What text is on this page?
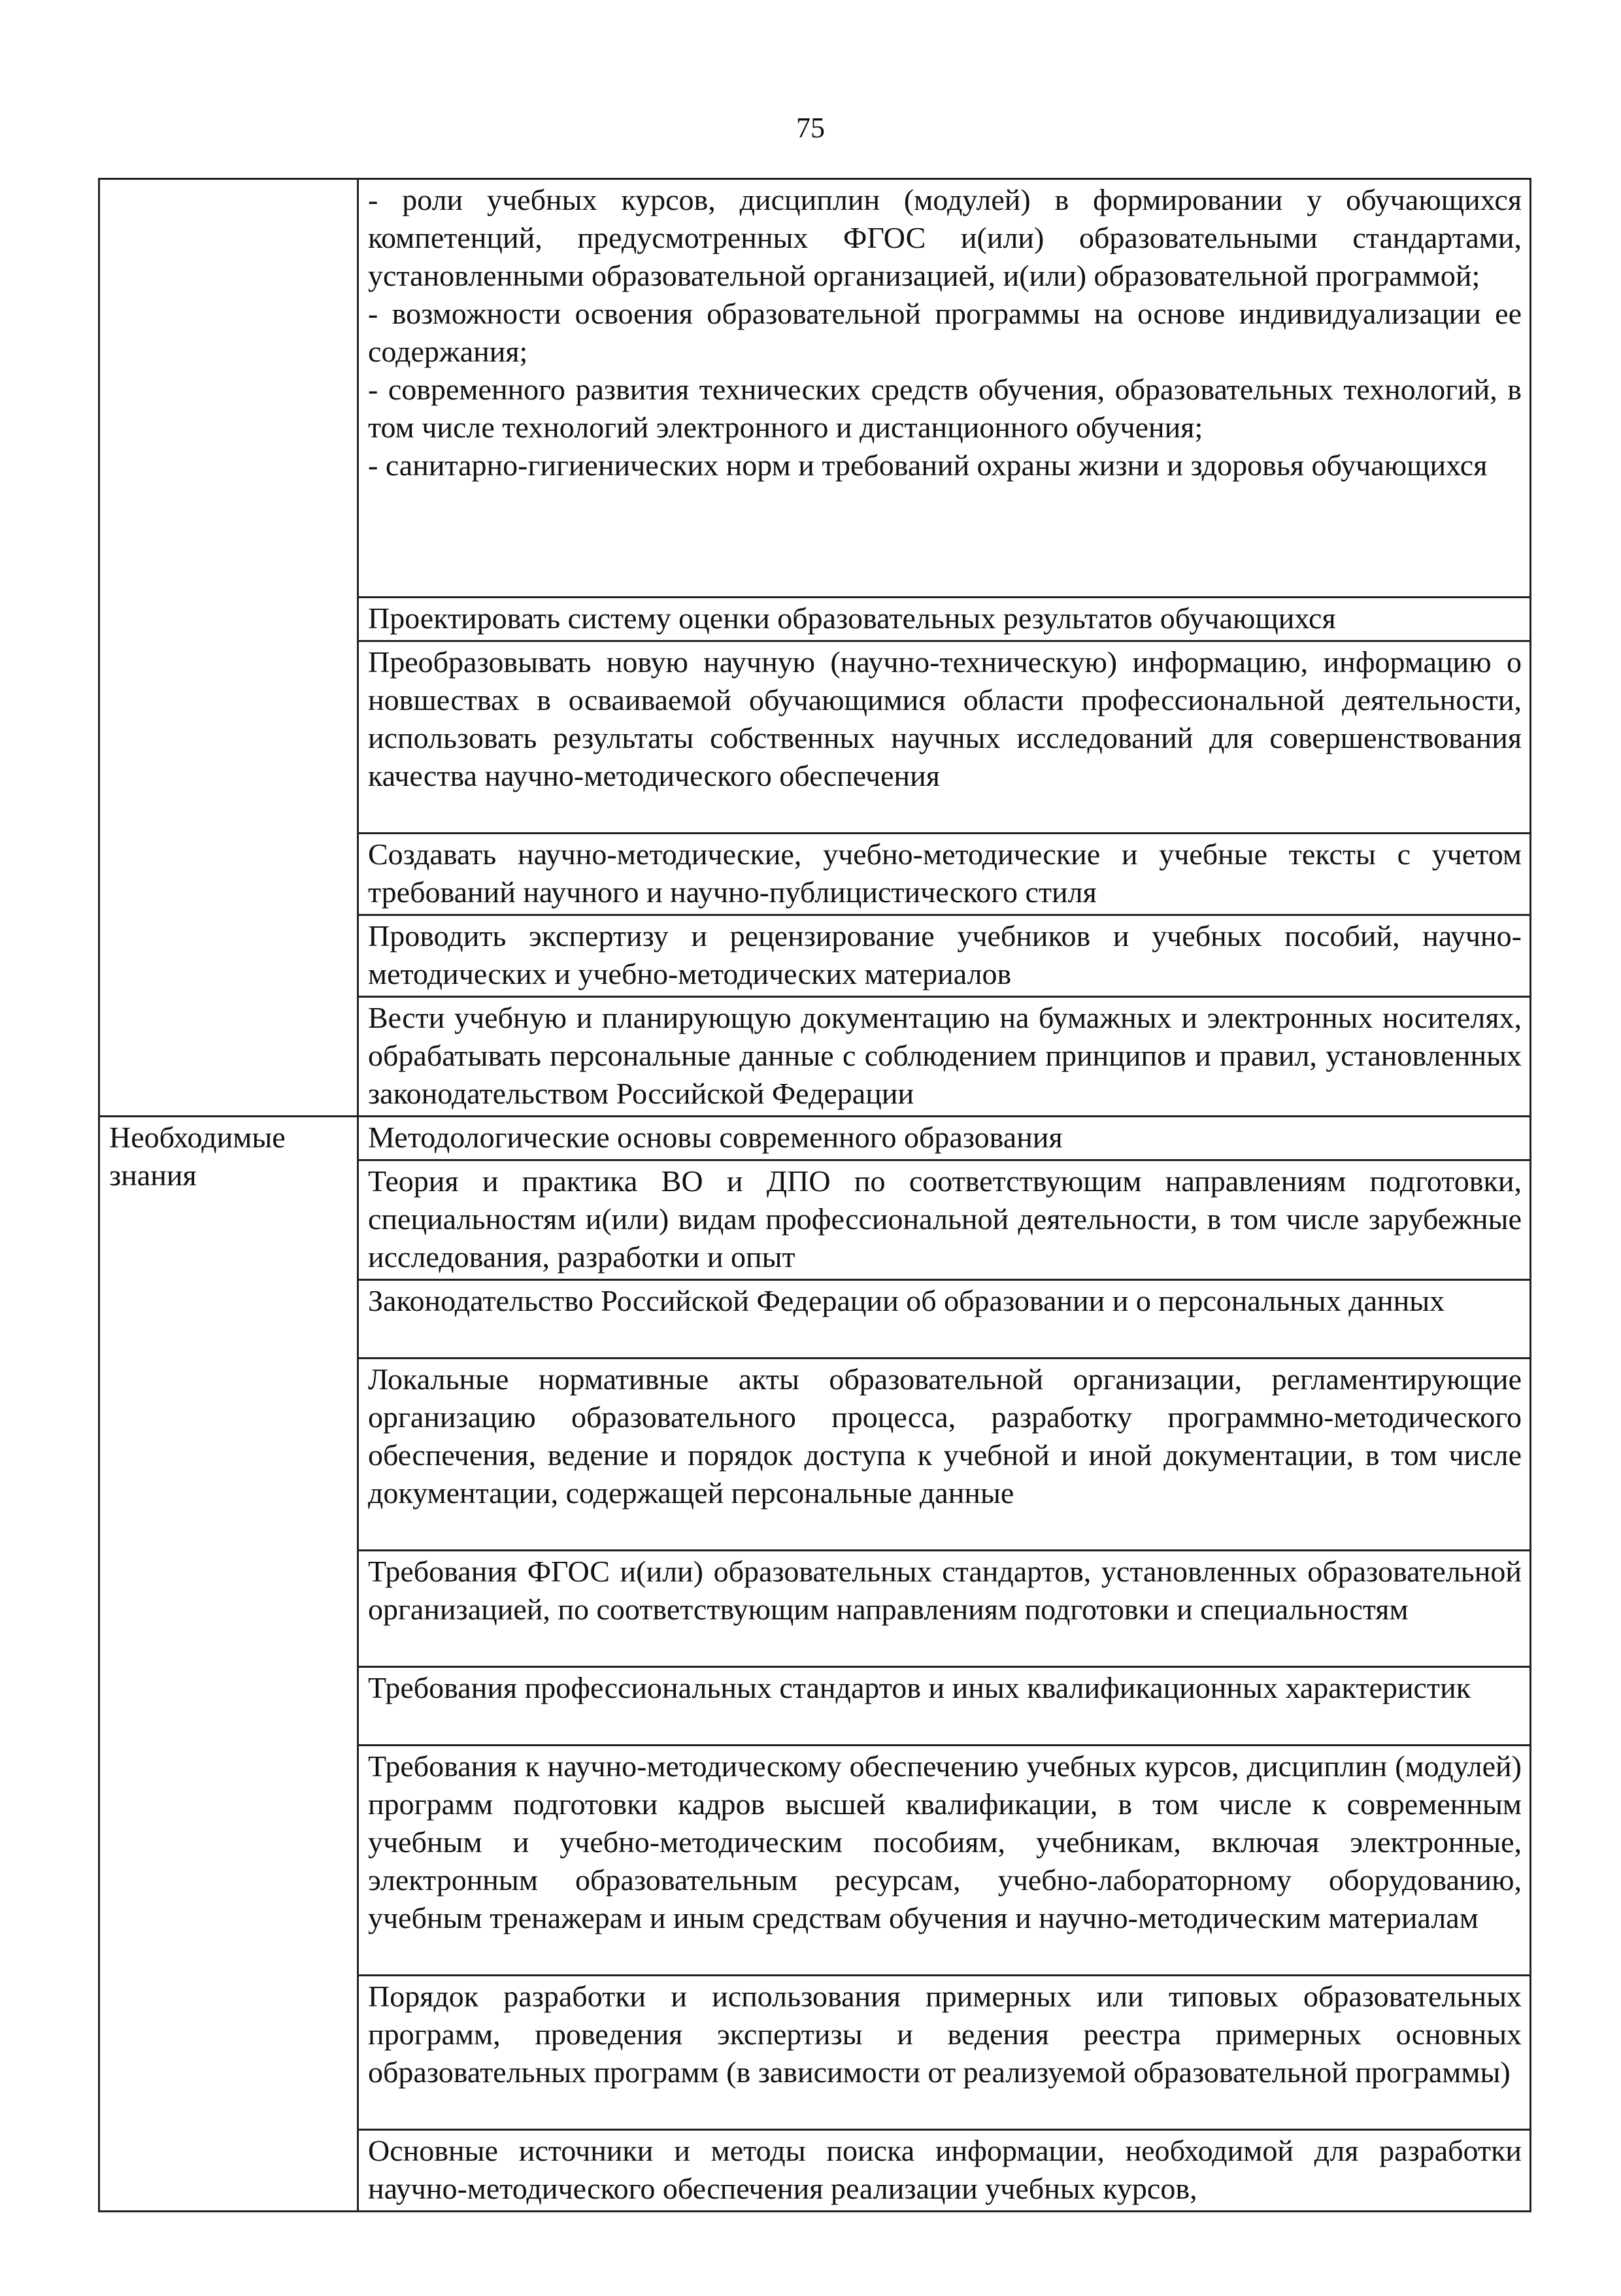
75

	- роли учебных курсов, дисциплин (модулей) в формировании у обучающихся компетенций, предусмотренных ФГОС и(или) образовательными стандартами, установленными образовательной организацией, и(или) образовательной программой;
- возможности освоения образовательной программы на основе индивидуализации ее содержания;
- современного развития технических средств обучения, образовательных технологий, в том числе технологий электронного и дистанционного обучения;
- санитарно-гигиенических норм и требований охраны жизни и здоровья обучающихся

	Проектировать систему оценки образовательных результатов обучающихся
	Преобразовывать новую научную (научно-техническую) информацию, информацию о новшествах в осваиваемой обучающимися области профессиональной деятельности, использовать результаты собственных научных исследований для совершенствования качества научно-методического обеспечения
	Создавать научно-методические, учебно-методические и учебные тексты с учетом требований научного и научно-публицистического стиля
	Проводить экспертизу и рецензирование учебников и учебных пособий, научно-методических и учебно-методических материалов
	Вести учебную и планирующую документацию на бумажных и электронных носителях, обрабатывать персональные данные с соблюдением принципов и правил, установленных законодательством Российской Федерации
Необходимые знания	Методологические основы современного образования
	Теория и практика ВО и ДПО по соответствующим направлениям подготовки, специальностям и(или) видам профессиональной деятельности, в том числе зарубежные исследования, разработки и опыт
	Законодательство Российской Федерации об образовании и о персональных данных
	Локальные нормативные акты образовательной организации, регламентирующие организацию образовательного процесса, разработку программно-методического обеспечения, ведение и порядок доступа к учебной и иной документации, в том числе документации, содержащей персональные данные
	Требования ФГОС и(или) образовательных стандартов, установленных образовательной организацией, по соответствующим направлениям подготовки и специальностям
	Требования профессиональных стандартов и иных квалификационных характеристик
	Требования к научно-методическому обеспечению учебных курсов, дисциплин (модулей) программ подготовки кадров высшей квалификации, в том числе к современным учебным и учебно-методическим пособиям, учебникам, включая электронные, электронным образовательным ресурсам, учебно-лабораторному оборудованию, учебным тренажерам и иным средствам обучения и научно-методическим материалам
	Порядок разработки и использования примерных или типовых образовательных программ, проведения экспертизы и ведения реестра примерных основных образовательных программ (в зависимости от реализуемой образовательной программы)
	Основные источники и методы поиска информации, необходимой для разработки научно-методического обеспечения реализации учебных курсов,
